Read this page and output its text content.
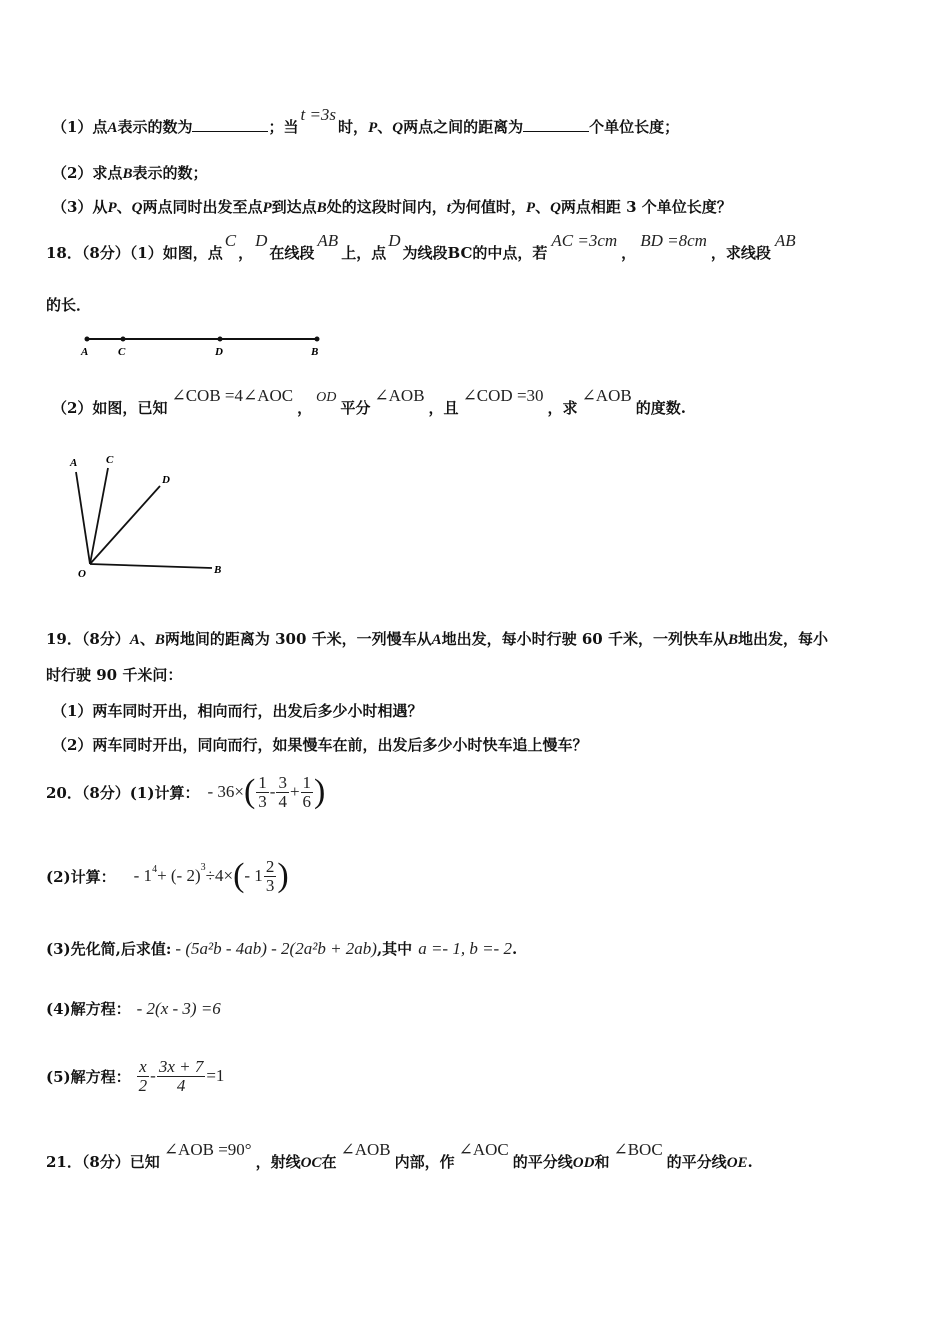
（1）点A表示的数为	；当t =3s时，P、Q两点之间的距离为	个单位长度；
（2）求点B表示的数；
（3）从P、Q两点同时出发至点P到达点B处的这段时间内，t为何值时，P、Q两点相距 3 个单位长度？
18．（8分）（1）如图，点C，D在线段AB上，点D为线段BC的中点，若AC =3cm，BD =8cm，求线段AB
的长．
A	C	D	B
（2）如图，已知∠COB =4∠AOC，OD平分∠AOB，且∠COD =30，求∠AOB的度数.
A	C
D
O	B
19．（8分）A、B两地间的距离为 300 千米，一列慢车从A地出发，每小时行驶 60 千米，一列快车从B地出发，每小
时行驶 90 千米问：
（1）两车同时开出，相向而行，出发后多少小时相遇？
（2）两车同时开出，同向而行，如果慢车在前，出发后多少小时快车追上慢车？
20．（8分）(1)计算： - 36× ( $\frac{1}{3} - \frac{3}{4} + \frac{1}{6}$ )
(2)计算： - $1^4$ + (- 2)$^3$ ÷4× ( - $1 \frac{2}{3}$ )
(3)先化简,后求值: - (5a²b - 4ab) - 2(2a²b + 2ab),其中 a =- 1, b =- 2.
(4)解方程： - 2(x - 3) =6
(5)解方程： $\frac{x}{2} - \frac{3x + 7}{4} =1$
21．（8分）已知∠AOB =90°，射线OC在∠AOB内部，作∠AOC的平分线OD和∠BOC的平分线OE.
